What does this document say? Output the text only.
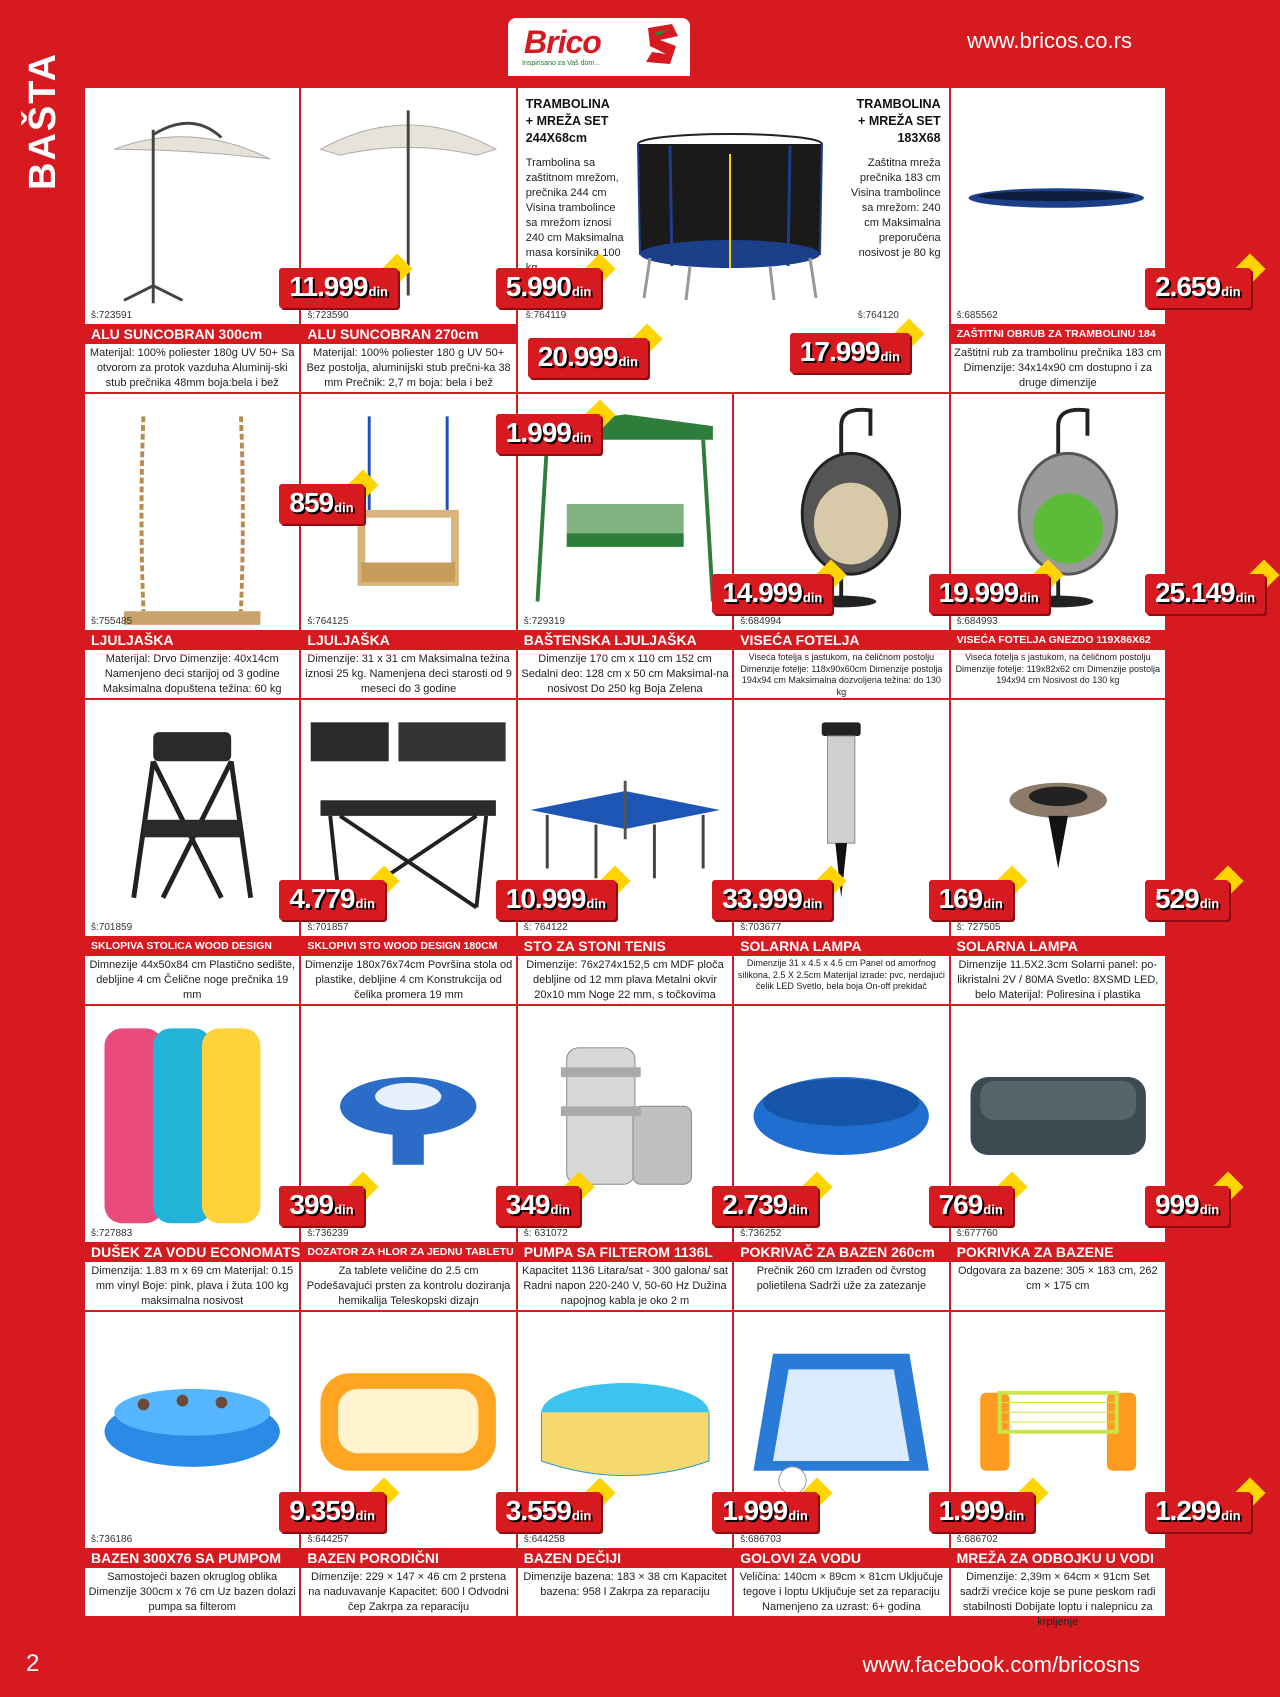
Brico
Inspirisano za Vaš dom...
www.bricos.co.rs
BAŠTA
š:723591
11.999din
ALU SUNCOBRAN 300cm
Materijal: 100% poliester 180g UV 50+ Sa otvorom za protok vazduha Aluminij-ski stub prečnika 48mm boja:bela i bež
š:723590
5.990din
ALU SUNCOBRAN 270cm
Materijal: 100% poliester 180 g UV 50+ Bez postolja, aluminijski stub prečni-ka 38 mm Prečnik: 2,7 m boja: bela i bež
š:685562
2.659din
ZAŠTITNI OBRUB ZA TRAMBOLINU 184
Zaštitni rub za trambolinu prečnika 183 cm Dimenzije: 34x14x90 cm dostupno i za druge dimenzije
š:755485
859din
LJULJAŠKA
Materijal: Drvo Dimenzije: 40x14cm Namenjeno deci starijoj od 3 godine Maksimalna dopuštena težina: 60 kg
š:764125
1.999din
LJULJAŠKA
Dimenzije: 31 x 31 cm Maksimalna težina iznosi 25 kg. Namenjena deci starosti od 9 meseci do 3 godine
š:729319
14.999din
BAŠTENSKA LJULJAŠKA
Dimenzije 170 cm x 110 cm 152 cm Sedalni deo: 128 cm x 50 cm Maksimal-na nosivost Do 250 kg Boja Zelena
š:684994
19.999din
VISEĆA FOTELJA
Viseća fotelja s jastukom, na čeličnom postolju Dimenzije fotelje: 118x90x60cm Dimenzije postolja 194x94 cm Maksimalna dozvoljena težina: do 130 kg
š:684993
25.149din
VISEĆA FOTELJA GNEZDO 119X86X62
Viseća fotelja s jastukom, na čeličnom postolju Dimenzije fotelje: 119x82x62 cm Dimenzije postolja 194x94 cm Nosivost do 130 kg
š:701859
4.779din
SKLOPIVA STOLICA WOOD DESIGN
Dimnezije 44x50x84 cm Plastično sedište, debljine 4 cm Čelične noge prečnika 19 mm
š:701857
10.999din
SKLOPIVI STO WOOD DESIGN 180CM
Dimenzije 180x76x74cm Površina stola od plastike, debljine 4 cm Konstrukcija od čelika promera 19 mm
š: 764122
33.999din
STO ZA STONI TENIS
Dimenzije: 76x274x152,5 cm MDF ploča debljine od 12 mm plava Metalni okvir 20x10 mm Noge 22 mm, s točkovima
š:703677
169din
SOLARNA LAMPA
Dimenzije 31 x 4.5 x 4.5 cm Panel od amorfnog silikona, 2.5 X 2.5cm Materijal izrade: pvc, nerdajući čelik LED Svetlo, bela boja On-off prekidač
š: 727505
529din
SOLARNA LAMPA
Dimenzije 11.5X2.3cm Solarni panel: po-likristalni 2V / 80MA Svetlo: 8XSMD LED, belo Materijal: Poliresina i plastika
š:727883
399din
DUŠEK ZA VODU ECONOMATS
Dimenzija: 1.83 m x 69 cm Materijal: 0.15 mm vinyl Boje: pink, plava i žuta 100 kg maksimalna nosivost
š:736239
349din
DOZATOR ZA HLOR ZA JEDNU TABLETU
Za tablete veličine do 2.5 cm Podešavajući prsten za kontrolu doziranja hemikalija Teleskopski dizajn
š: 631072
2.739din
PUMPA SA FILTEROM 1136L
Kapacitet 1136 Litara/sat - 300 galona/ sat Radni napon 220-240 V, 50-60 Hz Dužina napojnog kabla je oko 2 m
š:736252
769din
POKRIVAČ ZA BAZEN 260cm
Prečnik 260 cm Izrađen od čvrstog polietilena Sadrži uže za zatezanje
š:677760
999din
POKRIVKA ZA BAZENE
Odgovara za bazene: 305 × 183 cm, 262 cm × 175 cm
š:736186
9.359din
BAZEN 300X76 SA PUMPOM
Samostojeći bazen okruglog oblika Dimenzije 300cm x 76 cm Uz bazen dolazi pumpa sa filterom
š:644257
3.559din
BAZEN PORODIČNI
Dimenzije: 229 × 147 × 46 cm 2 prstena na naduvavanje Kapacitet: 600 l Odvodni čep Zakrpa za reparaciju
š:644258
1.999din
BAZEN DEČIJI
Dimenzije bazena: 183 × 38 cm Kapacitet bazena: 958 l Zakrpa za reparaciju
š:686703
1.999din
GOLOVI ZA VODU
Veličina: 140cm × 89cm × 81cm Uključuje tegove i loptu Uključuje set za reparaciju Namenjeno za uzrast: 6+ godina
š:686702
1.299din
MREŽA ZA ODBOJKU U VODI
Dimenzije: 2,39m × 64cm × 91cm Set sadrži vrećice koje se pune peskom radi stabilnosti Dobijate loptu i nalepnicu za krpljenje
TRAMBOLINA
+ MREŽA SET
244X68cm
Trambolina sa zaštitnom mrežom, prečnika 244 cm Visina trambolince sa mrežom iznosi 240 cm Maksimalna masa korsinika 100
TRAMBOLINA
+ MREŽA SET
183X68
Zaštitna mreža prečnika 183 cm Visina trambolince sa mrežom: 240 cm Maksimalna preporučena nosivost je 80 kg
š:764119	š:764120
20.999din	17.999din
2	www.facebook.com/bricosns
